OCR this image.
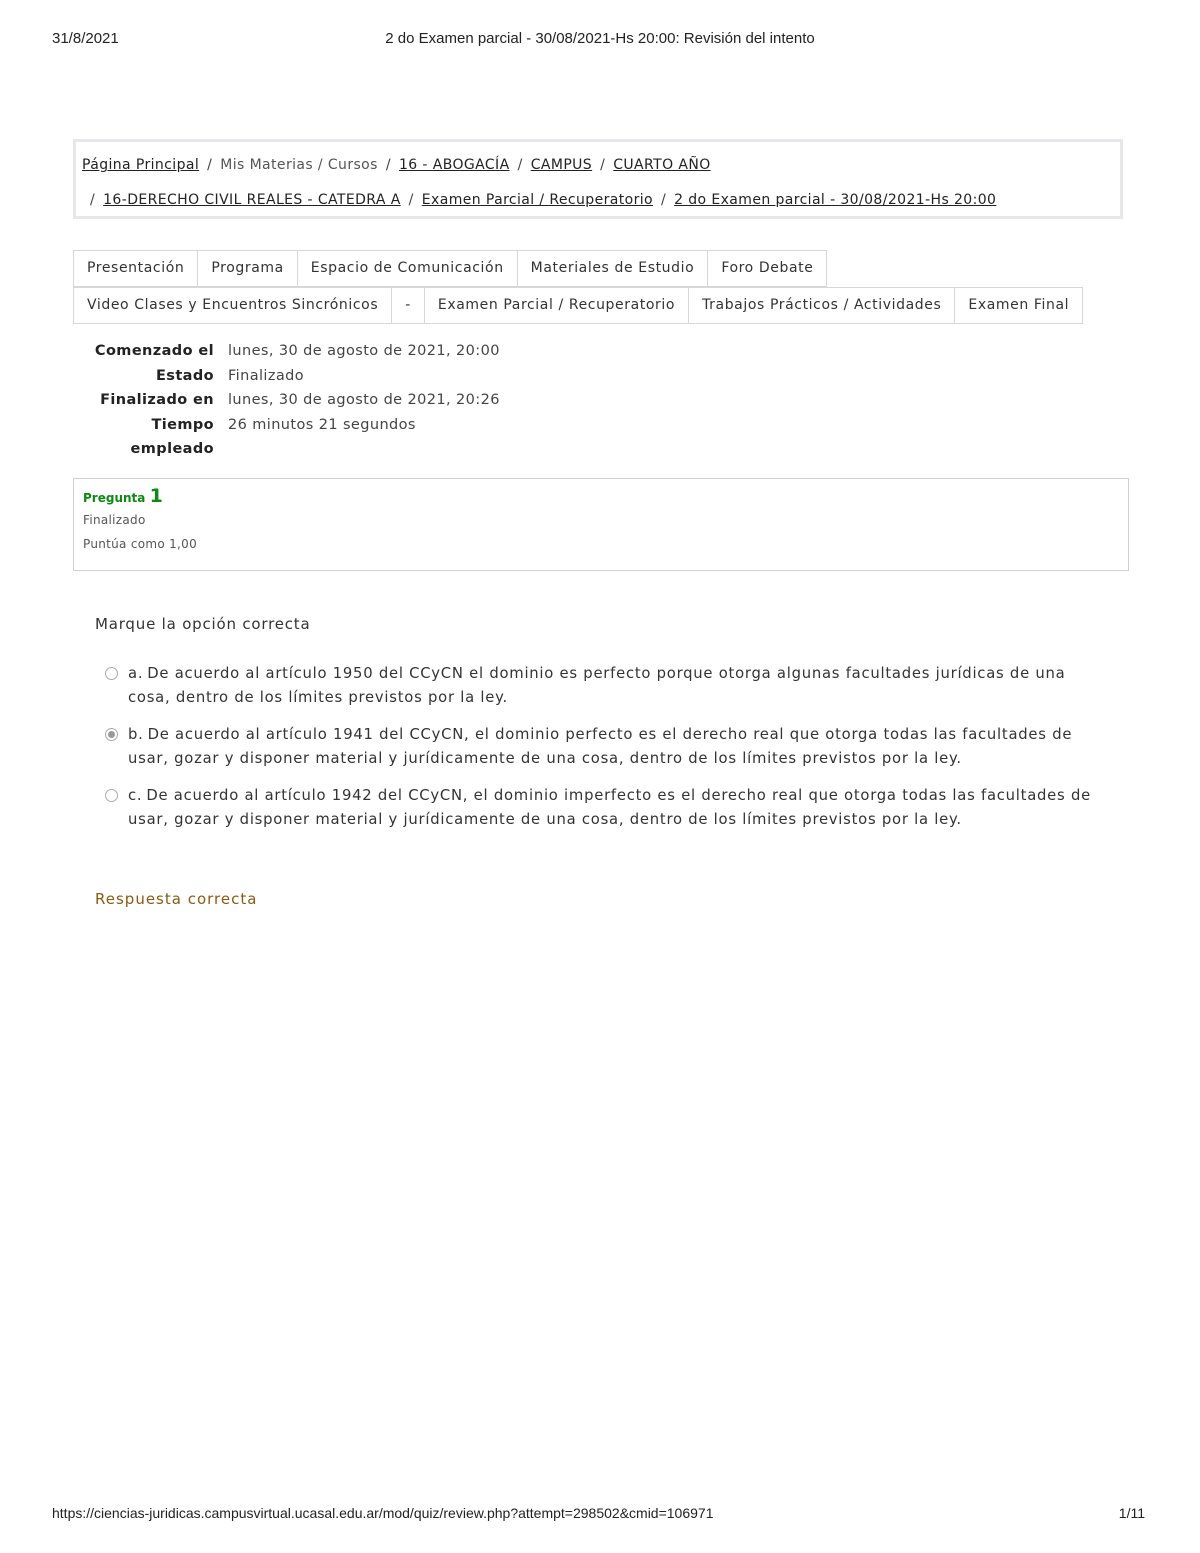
31/8/2021	2 do Examen parcial - 30/08/2021-Hs 20:00: Revisión del intento
Página Principal / Mis Materias / Cursos / 16 - ABOGACÍA / CAMPUS / CUARTO AÑO
/ 16-DERECHO CIVIL REALES - CATEDRA A / Examen Parcial / Recuperatorio / 2 do Examen parcial - 30/08/2021-Hs 20:00
Presentación	Programa	Espacio de Comunicación	Materiales de Estudio	Foro Debate
Video Clases y Encuentros Sincrónicos	-	Examen Parcial / Recuperatorio	Trabajos Prácticos / Actividades	Examen Final
Comenzado el lunes, 30 de agosto de 2021, 20:00
Estado Finalizado
Finalizado en lunes, 30 de agosto de 2021, 20:26
Tiempo empleado
26 minutos 21 segundos
Pregunta 1
Finalizado
Puntúa como 1,00
Marque la opción correcta
a. De acuerdo al artículo 1950 del CCyCN el dominio es perfecto porque otorga algunas facultades jurídicas de una cosa, dentro de los límites previstos por la ley.
b. De acuerdo al artículo 1941 del CCyCN, el dominio perfecto es el derecho real que otorga todas las facultades de usar, gozar y disponer material y jurídicamente de una cosa, dentro de los límites previstos por la ley.
c. De acuerdo al artículo 1942 del CCyCN, el dominio imperfecto es el derecho real que otorga todas las facultades de usar, gozar y disponer material y jurídicamente de una cosa, dentro de los límites previstos por la ley.
Respuesta correcta
https://ciencias-juridicas.campusvirtual.ucasal.edu.ar/mod/quiz/review.php?attempt=298502&cmid=106971	1/11
